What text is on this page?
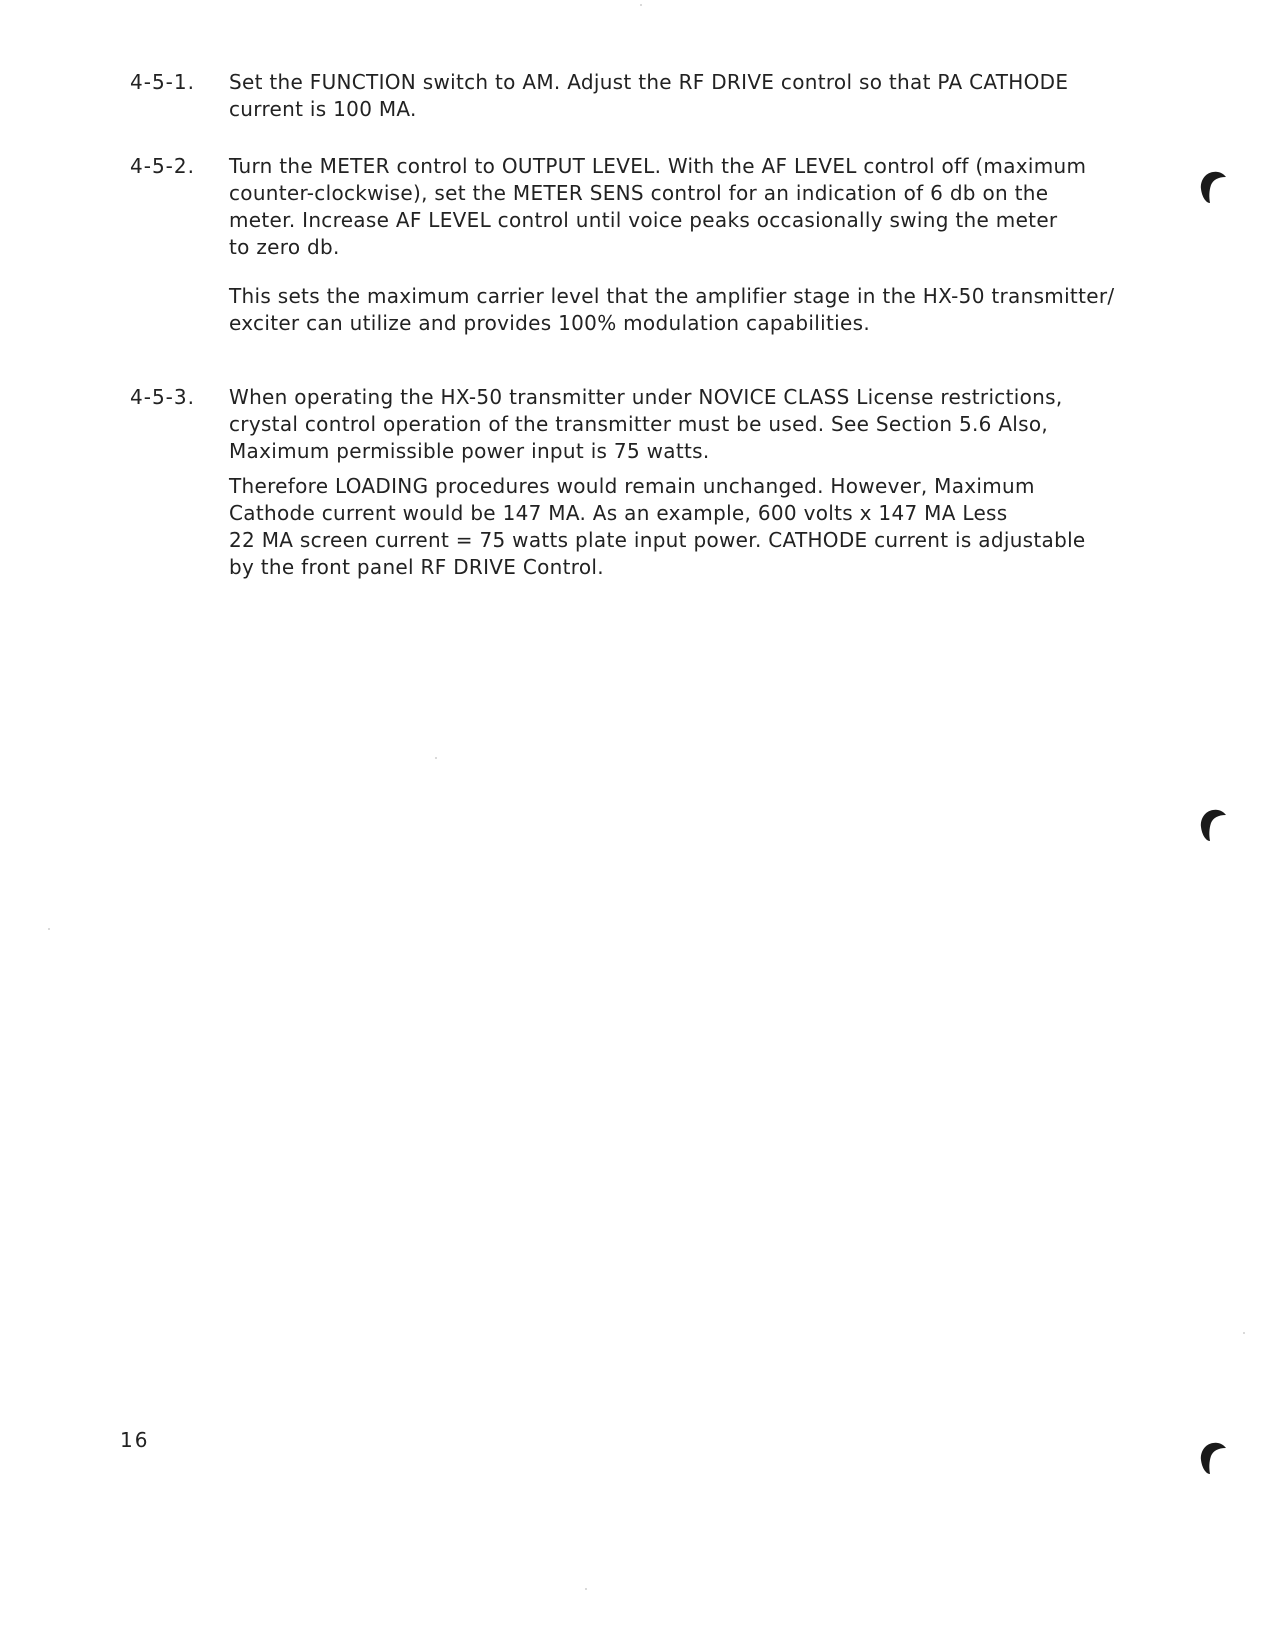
4-5-1. Set the FUNCTION switch to AM. Adjust the RF DRIVE control so that PA CATHODE
current is 100 MA.
4-5-2. Turn the METER control to OUTPUT LEVEL. With the AF LEVEL control off (maximum
counter-clockwise), set the METER SENS control for an indication of 6 db on the
meter. Increase AF LEVEL control until voice peaks occasionally swing the meter
to zero db.
This sets the maximum carrier level that the amplifier stage in the HX-50 transmitter/
exciter can utilize and provides 100% modulation capabilities.
4-5-3. When operating the HX-50 transmitter under NOVICE CLASS License restrictions,
crystal control operation of the transmitter must be used. See Section 5.6 Also,
Maximum permissible power input is 75 watts.
Therefore LOADING procedures would remain unchanged. However, Maximum
Cathode current would be 147 MA. As an example, 600 volts x 147 MA Less
22 MA screen current = 75 watts plate input power. CATHODE current is adjustable
by the front panel RF DRIVE Control.
16
